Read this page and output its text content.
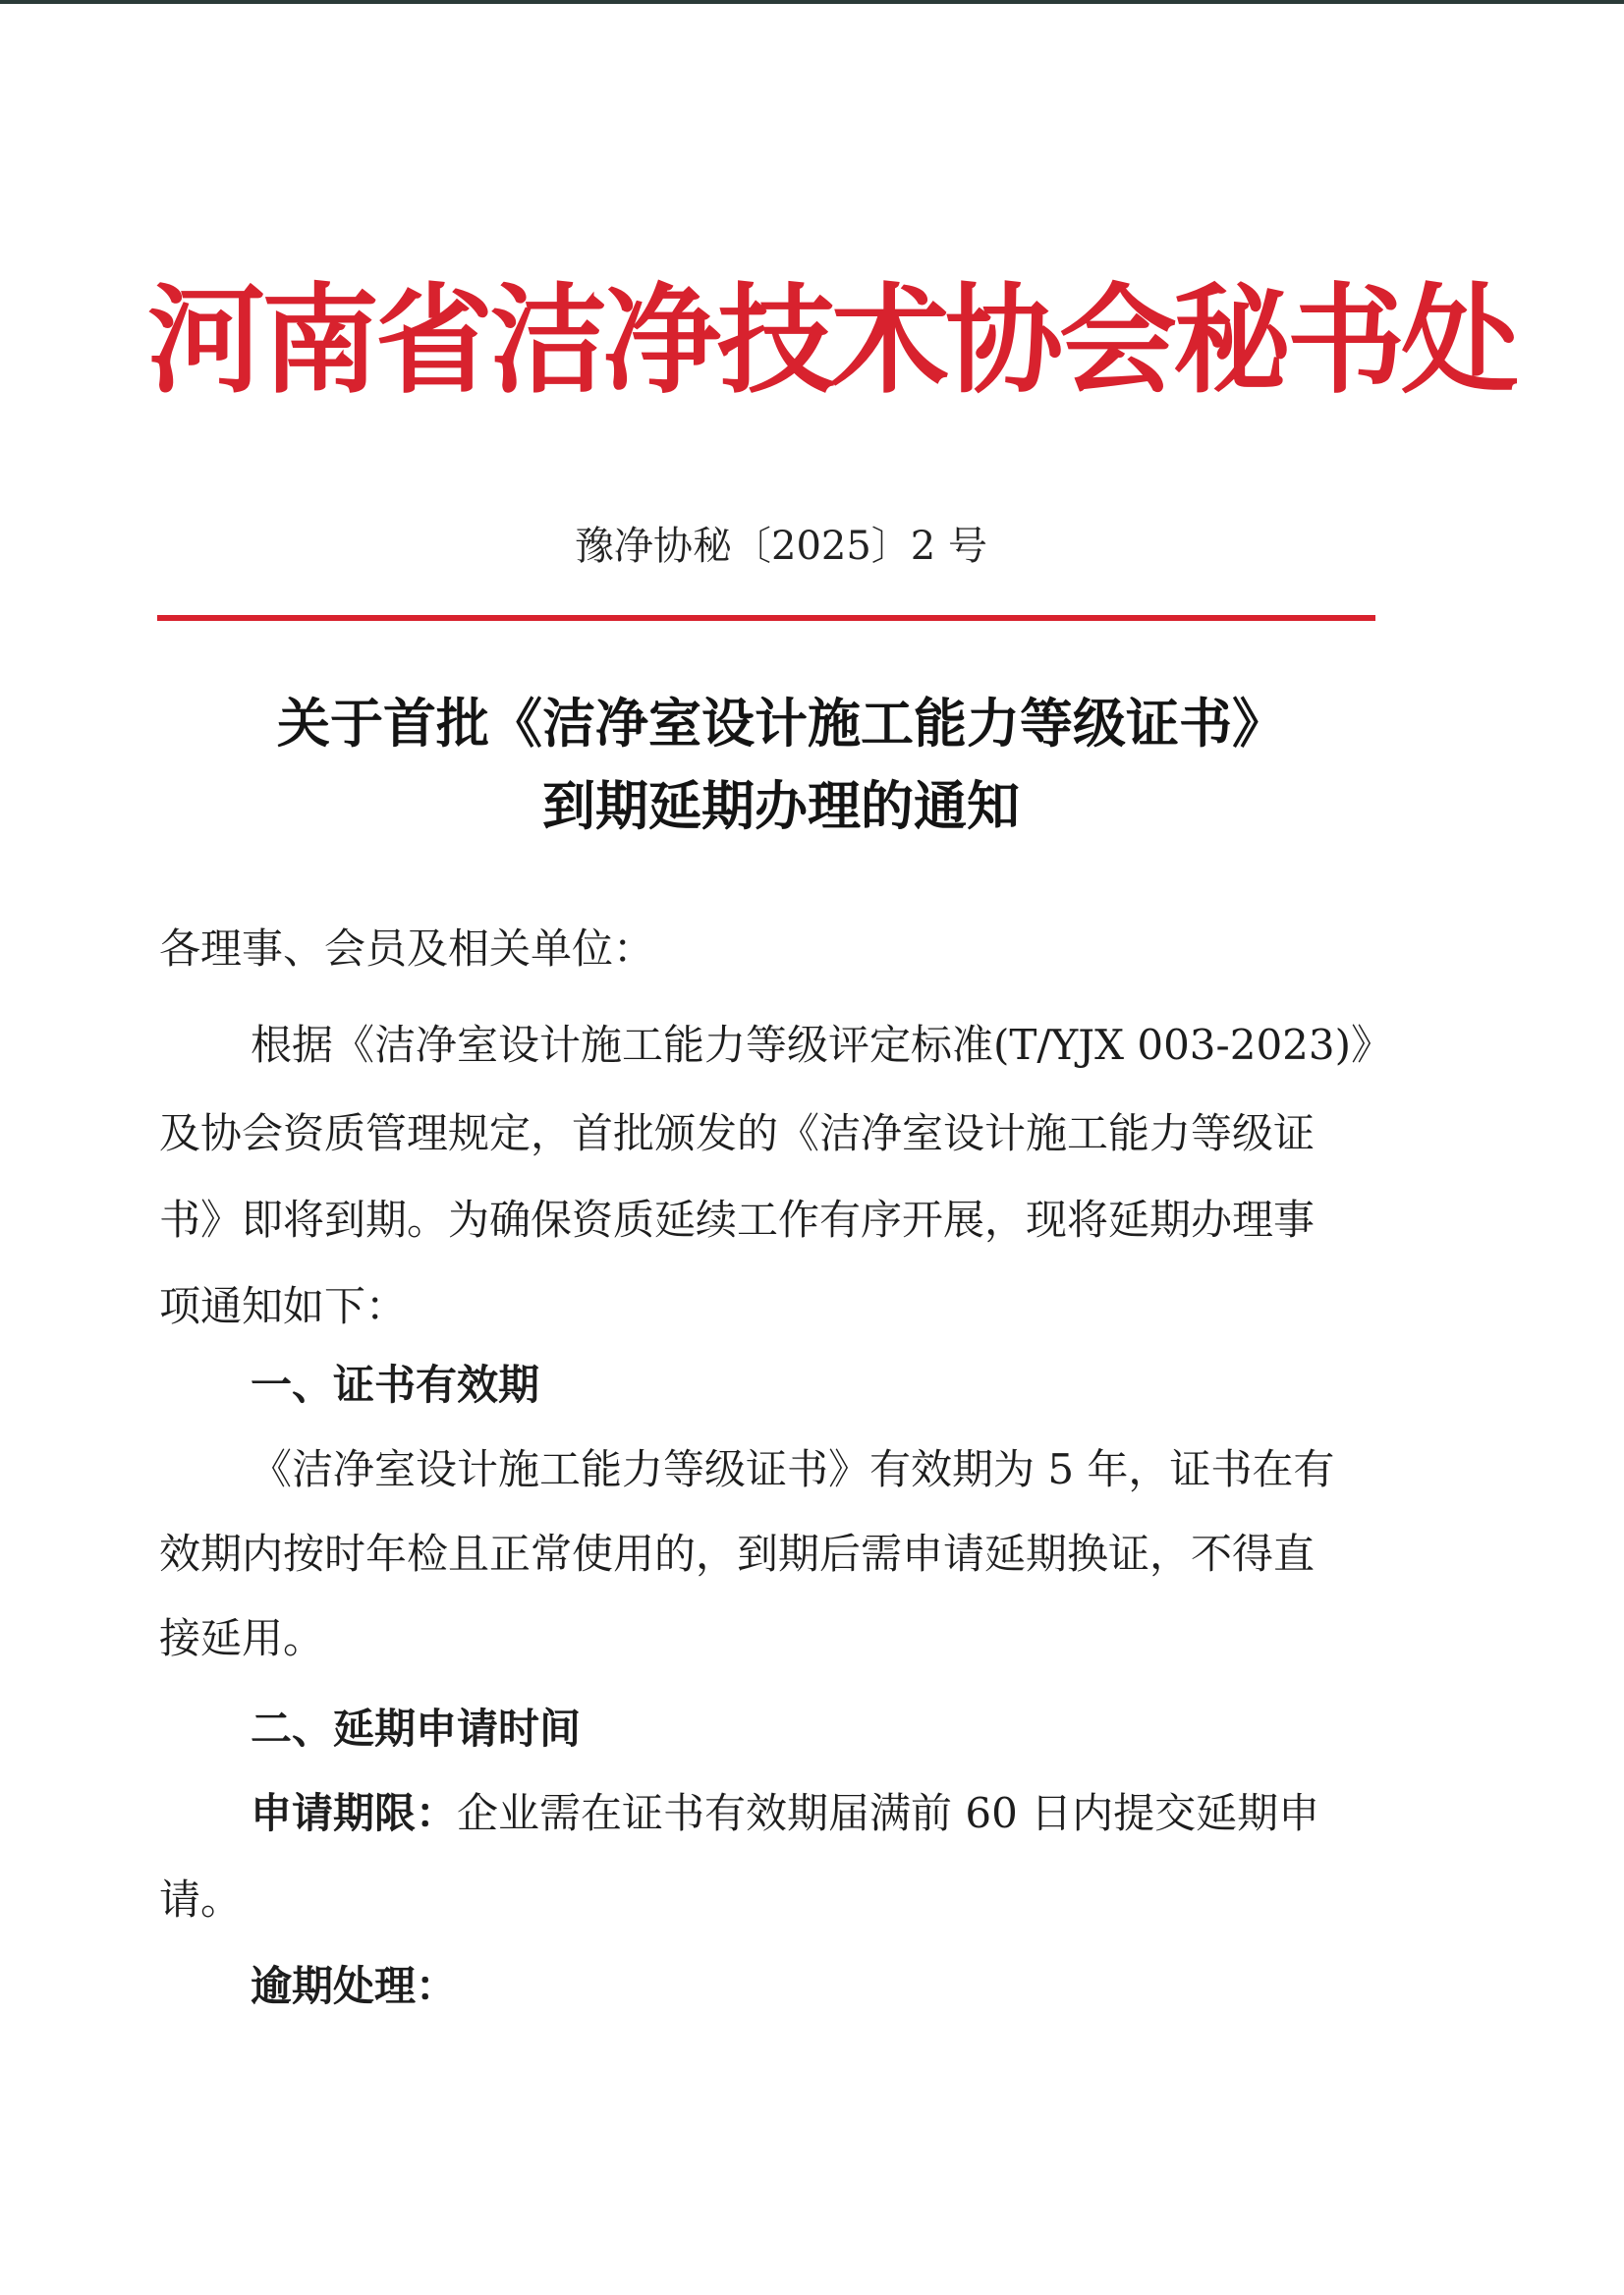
河南省洁净技术协会秘书处
豫净协秘〔2025〕2 号
关于首批《洁净室设计施工能力等级证书》
到期延期办理的通知
各理事、会员及相关单位：
根据《洁净室设计施工能力等级评定标准(T/YJX 003-2023)》
及协会资质管理规定，首批颁发的《洁净室设计施工能力等级证
书》即将到期。为确保资质延续工作有序开展，现将延期办理事
项通知如下：
一、证书有效期
《洁净室设计施工能力等级证书》有效期为 5 年，证书在有
效期内按时年检且正常使用的，到期后需申请延期换证，不得直
接延用。
二、延期申请时间
申请期限：企业需在证书有效期届满前 60 日内提交延期申
请。
逾期处理：
